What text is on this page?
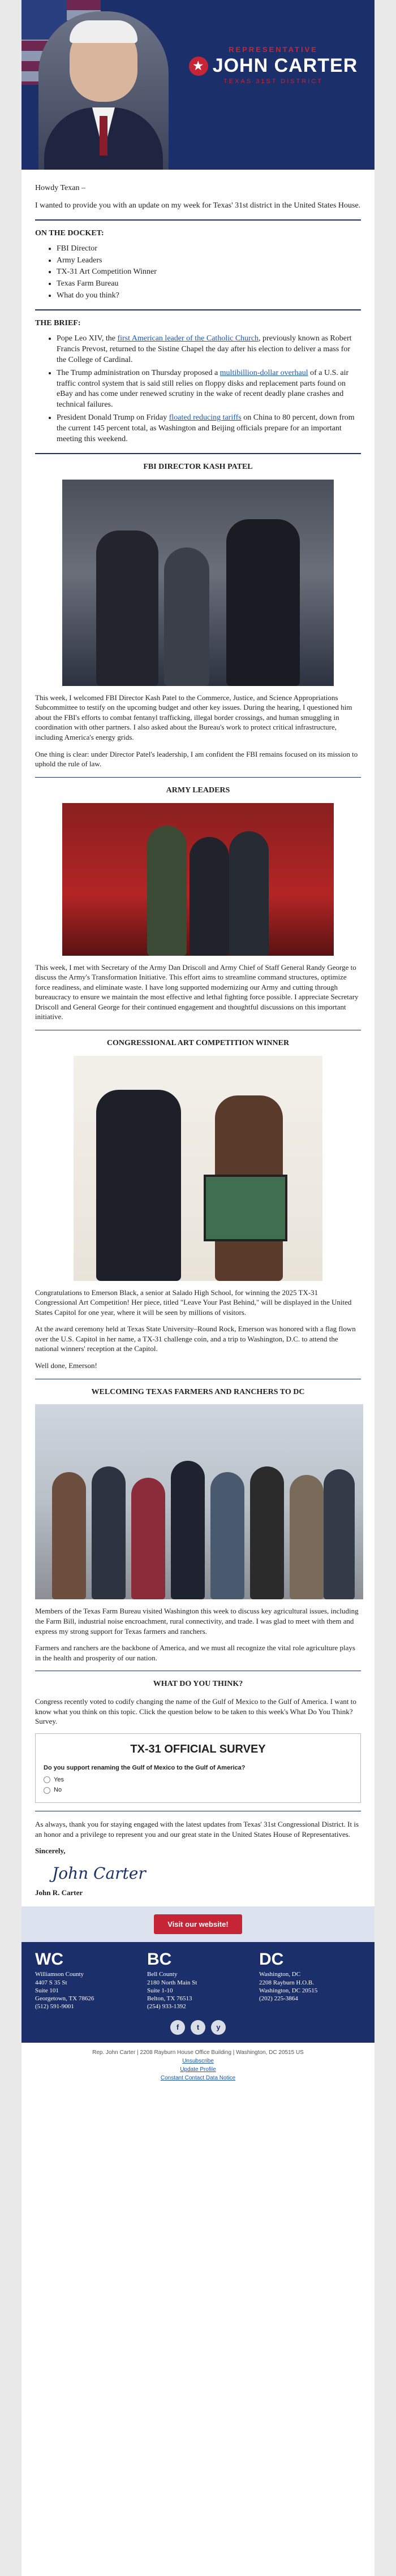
REPRESENTATIVE
★ JOHN CARTER
TEXAS 31ST DISTRICT

Howdy Texan –

I wanted to provide you with an update on my week for Texas' 31st district in the United States House.

ON THE DOCKET:
• FBI Director
• Army Leaders
• TX-31 Art Competition Winner
• Texas Farm Bureau
• What do you think?
THE BRIEF:
• Pope Leo XIV, the first American leader of the Catholic Church, previously known as Robert Francis Prevost, returned to the Sistine Chapel the day after his election to deliver a mass for the College of Cardinal.
• The Trump administration on Thursday proposed a multibillion-dollar overhaul of a U.S. air traffic control system that is said still relies on floppy disks and replacement parts found on eBay and has come under renewed scrutiny in the wake of recent deadly plane crashes and technical failures.
• President Donald Trump on Friday floated reducing tariffs on China to 80 percent, down from the current 145 percent total, as Washington and Beijing officials prepare for an important meeting this weekend.
FBI DIRECTOR KASH PATEL

This week, I welcomed FBI Director Kash Patel to the Commerce, Justice, and Science Appropriations Subcommittee to testify on the upcoming budget and other key issues. During the hearing, I questioned him about the FBI's efforts to combat fentanyl trafficking, illegal border crossings, and human smuggling in coordination with other partners. I also asked about the Bureau's work to protect critical infrastructure, including America's energy grids.

One thing is clear: under Director Patel's leadership, I am confident the FBI remains focused on its mission to uphold the rule of law.

ARMY LEADERS

This week, I met with Secretary of the Army Dan Driscoll and Army Chief of Staff General Randy George to discuss the Army's Transformation Initiative. This effort aims to streamline command structures, optimize force readiness, and eliminate waste. I have long supported modernizing our Army and cutting through bureaucracy to ensure we maintain the most effective and lethal fighting force possible. I appreciate Secretary Driscoll and General George for their continued engagement and thoughtful discussions on this important initiative.

CONGRESSIONAL ART COMPETITION WINNER

Congratulations to Emerson Black, a senior at Salado High School, for winning the 2025 TX-31 Congressional Art Competition! Her piece, titled "Leave Your Past Behind," will be displayed in the United States Capitol for one year, where it will be seen by millions of visitors.

At the award ceremony held at Texas State University–Round Rock, Emerson was honored with a flag flown over the U.S. Capitol in her name, a TX-31 challenge coin, and a trip to Washington, D.C. to attend the national winners' reception at the Capitol.

Well done, Emerson!

WELCOMING TEXAS FARMERS AND RANCHERS TO DC

Members of the Texas Farm Bureau visited Washington this week to discuss key agricultural issues, including the Farm Bill, industrial noise encroachment, rural connectivity, and trade. I was glad to meet with them and express my strong support for Texas farmers and ranchers.

Farmers and ranchers are the backbone of America, and we must all recognize the vital role agriculture plays in the health and prosperity of our nation.

WHAT DO YOU THINK?

Congress recently voted to codify changing the name of the Gulf of Mexico to the Gulf of America. I want to know what you think on this topic. Click the question below to be taken to this week's What Do You Think? Survey.

TX-31 OFFICIAL SURVEY
Do you support renaming the Gulf of Mexico to the Gulf of America?
Yes
No

As always, thank you for staying engaged with the latest updates from Texas' 31st Congressional District. It is an honor and a privilege to represent you and our great state in the United States House of Representatives.

Sincerely,

John Carter

John R. Carter

Visit our website!
WC
Williamson County
4407 S 35 St
Suite 101
Georgetown, TX 78626
(512) 591-9001
BC
Bell County
2180 North Main St
Suite 1-10
Belton, TX 76513
(254) 933-1392
DC
Washington, DC
2208 Rayburn H.O.B.
Washington, DC 20515
(202) 225-3864
f	t	y
Rep. John Carter | 2208 Rayburn House Office Building | Washington, DC 20515 US
Unsubscribe
Update Profile
Constant Contact Data Notice
